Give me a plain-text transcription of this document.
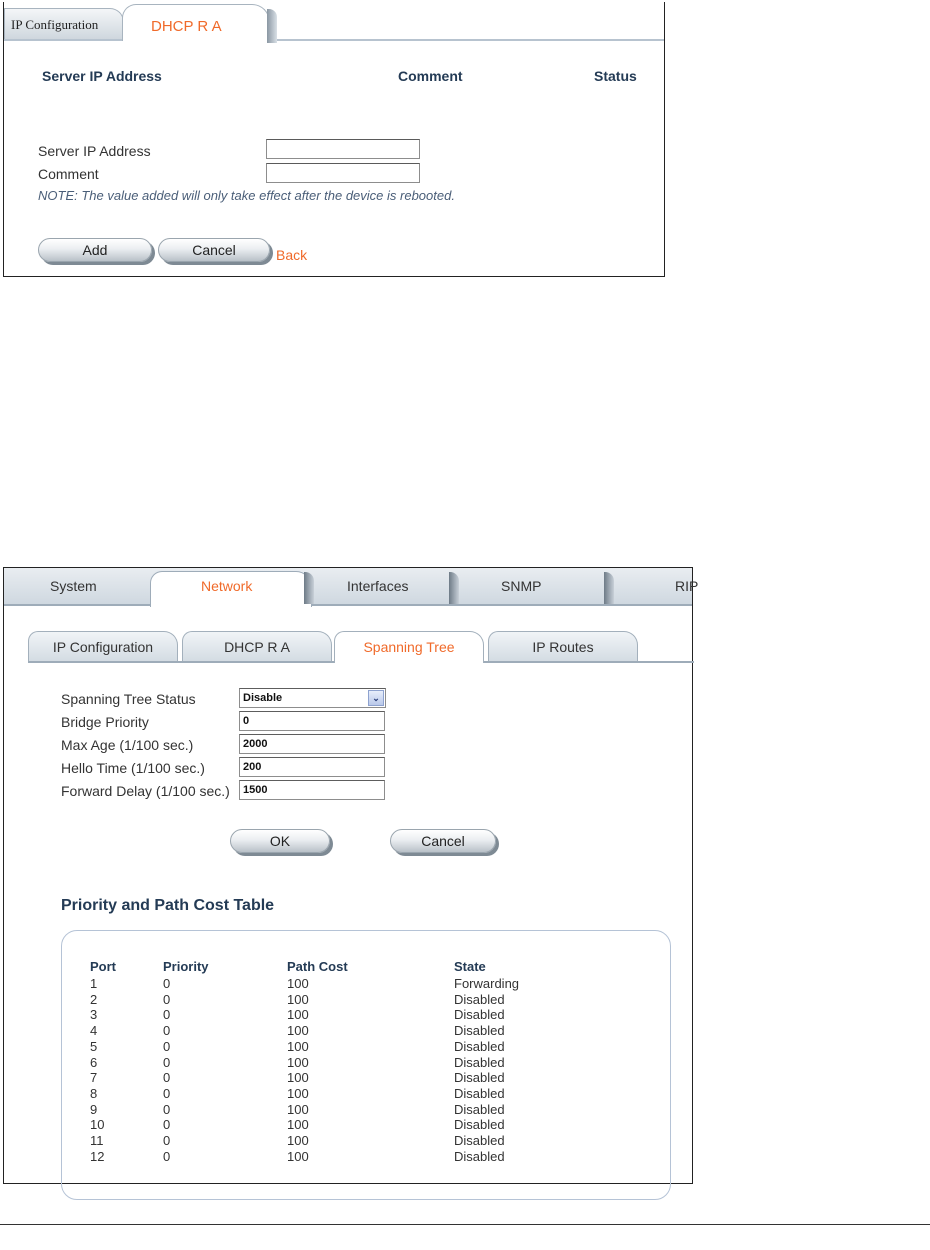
IP Configuration	DHCP R A
Server IP Address	Comment	Status
Server IP Address
Comment
NOTE: The value added will only take effect after the device is rebooted.
Add	Cancel	Back
System	Network	Interfaces	SNMP	RIP
IP Configuration	DHCP R A	Spanning Tree	IP Routes
Spanning Tree Status	Disable	⌄
Bridge Priority	0
Max Age (1/100 sec.)	2000
Hello Time (1/100 sec.)	200
Forward Delay (1/100 sec.)	1500
OK	Cancel
Priority and Path Cost Table
Port	Priority	Path Cost	State
1	0	100	Forwarding
2	0	100	Disabled
3	0	100	Disabled
4	0	100	Disabled
5	0	100	Disabled
6	0	100	Disabled
7	0	100	Disabled
8	0	100	Disabled
9	0	100	Disabled
10	0	100	Disabled
11	0	100	Disabled
12	0	100	Disabled
